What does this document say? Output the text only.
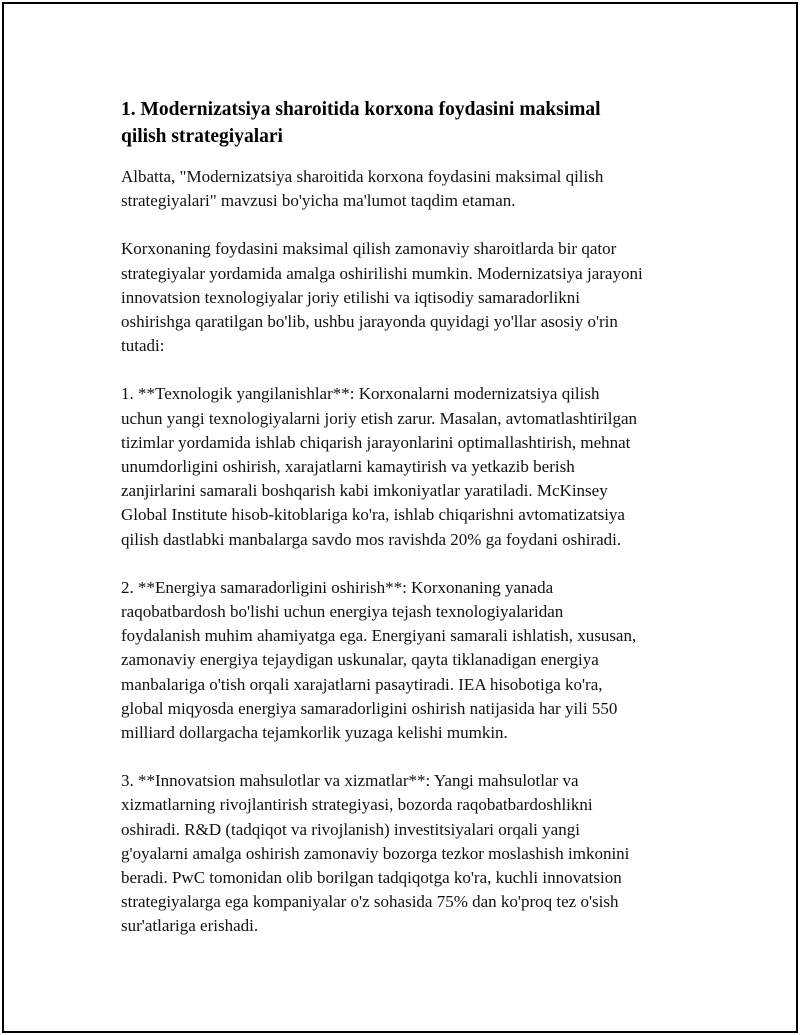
1. Modernizatsiya sharoitida korxona foydasini maksimal
qilish strategiyalari

Albatta, "Modernizatsiya sharoitida korxona foydasini maksimal qilish
strategiyalari" mavzusi bo'yicha ma'lumot taqdim etaman.

Korxonaning foydasini maksimal qilish zamonaviy sharoitlarda bir qator
strategiyalar yordamida amalga oshirilishi mumkin. Modernizatsiya jarayoni
innovatsion texnologiyalar joriy etilishi va iqtisodiy samaradorlikni
oshirishga qaratilgan bo'lib, ushbu jarayonda quyidagi yo'llar asosiy o'rin
tutadi:

1. **Texnologik yangilanishlar**: Korxonalarni modernizatsiya qilish
uchun yangi texnologiyalarni joriy etish zarur. Masalan, avtomatlashtirilgan
tizimlar yordamida ishlab chiqarish jarayonlarini optimallashtirish, mehnat
unumdorligini oshirish, xarajatlarni kamaytirish va yetkazib berish
zanjirlarini samarali boshqarish kabi imkoniyatlar yaratiladi. McKinsey
Global Institute hisob-kitoblariga ko'ra, ishlab chiqarishni avtomatizatsiya
qilish dastlabki manbalarga savdo mos ravishda 20% ga foydani oshiradi.

2. **Energiya samaradorligini oshirish**: Korxonaning yanada
raqobatbardosh bo'lishi uchun energiya tejash texnologiyalaridan
foydalanish muhim ahamiyatga ega. Energiyani samarali ishlatish, xususan,
zamonaviy energiya tejaydigan uskunalar, qayta tiklanadigan energiya
manbalariga o'tish orqali xarajatlarni pasaytiradi. IEA hisobotiga ko'ra,
global miqyosda energiya samaradorligini oshirish natijasida har yili 550
milliard dollargacha tejamkorlik yuzaga kelishi mumkin.

3. **Innovatsion mahsulotlar va xizmatlar**: Yangi mahsulotlar va
xizmatlarning rivojlantirish strategiyasi, bozorda raqobatbardoshlikni
oshiradi. R&D (tadqiqot va rivojlanish) investitsiyalari orqali yangi
g'oyalarni amalga oshirish zamonaviy bozorga tezkor moslashish imkonini
beradi. PwC tomonidan olib borilgan tadqiqotga ko'ra, kuchli innovatsion
strategiyalarga ega kompaniyalar o'z sohasida 75% dan ko'proq tez o'sish
sur'atlariga erishadi.
